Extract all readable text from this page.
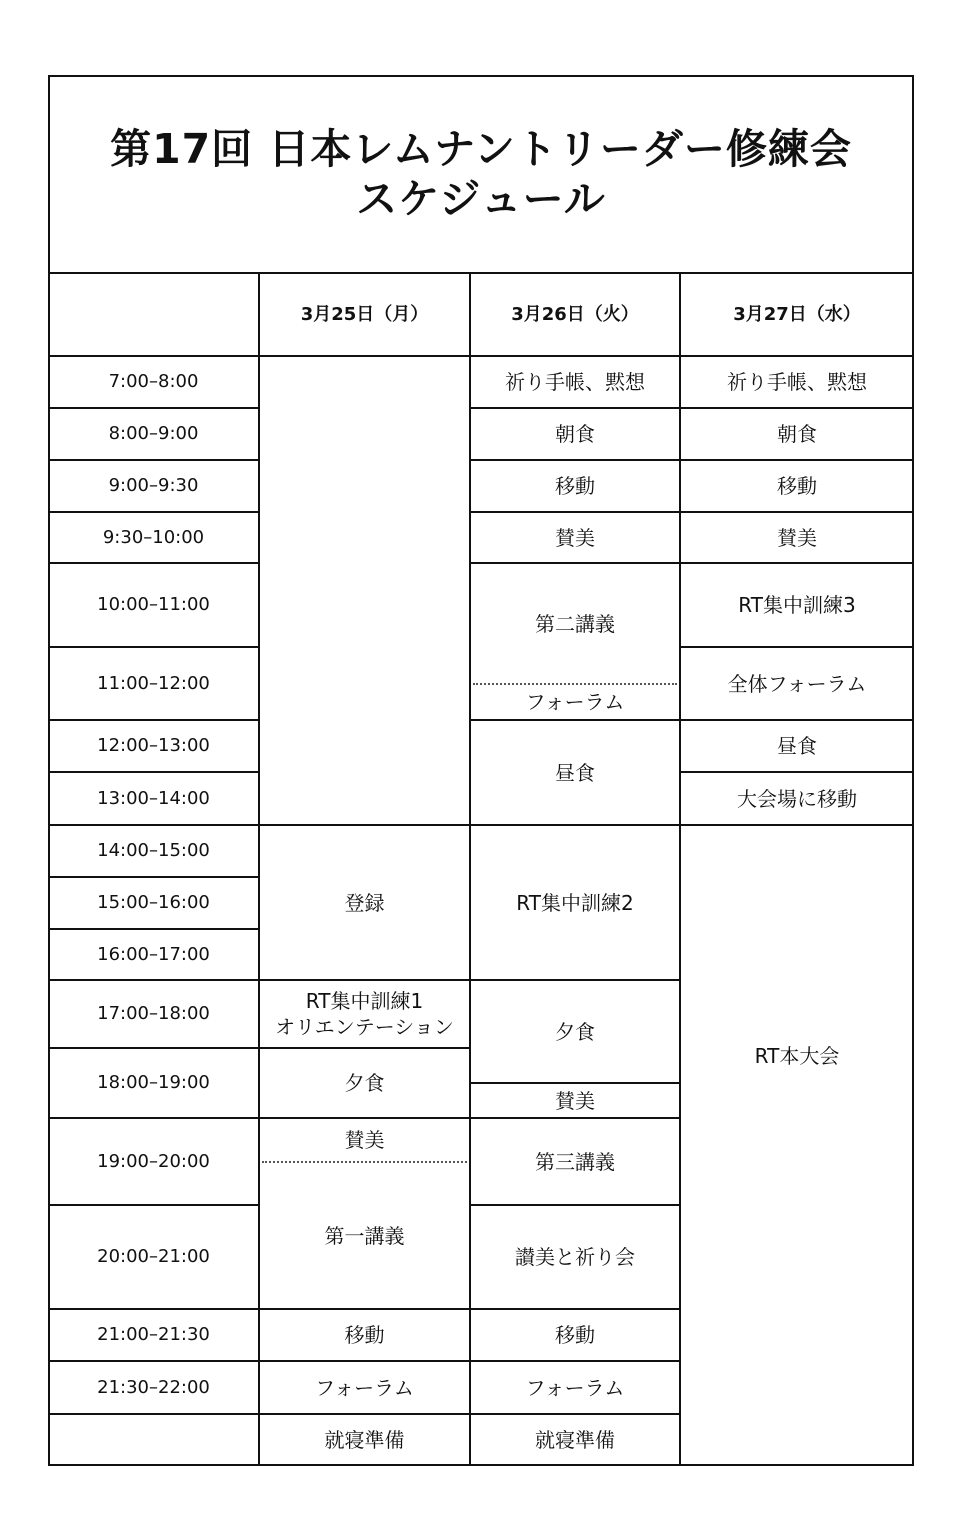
第17回 日本レムナントリーダー修練会
スケジュール
3月25日（月）	3月26日（火）	3月27日（水）
7:00–8:00
8:00–9:00
9:00–9:30
9:30–10:00
10:00–11:00
11:00–12:00
12:00–13:00
13:00–14:00
14:00–15:00
15:00–16:00
16:00–17:00
17:00–18:00
18:00–19:00
19:00–20:00
20:00–21:00
21:00–21:30
21:30–22:00
登録
RT集中訓練1
オリエンテーション
夕食
賛美
第一講義
移動
フォーラム
就寝準備
祈り手帳、黙想
朝食
移動
賛美
第二講義
フォーラム
昼食
RT集中訓練2
夕食
賛美
第三講義
讃美と祈り会
移動
フォーラム
就寝準備
祈り手帳、黙想
朝食
移動
賛美
RT集中訓練3
全体フォーラム
昼食
大会場に移動
RT本大会
